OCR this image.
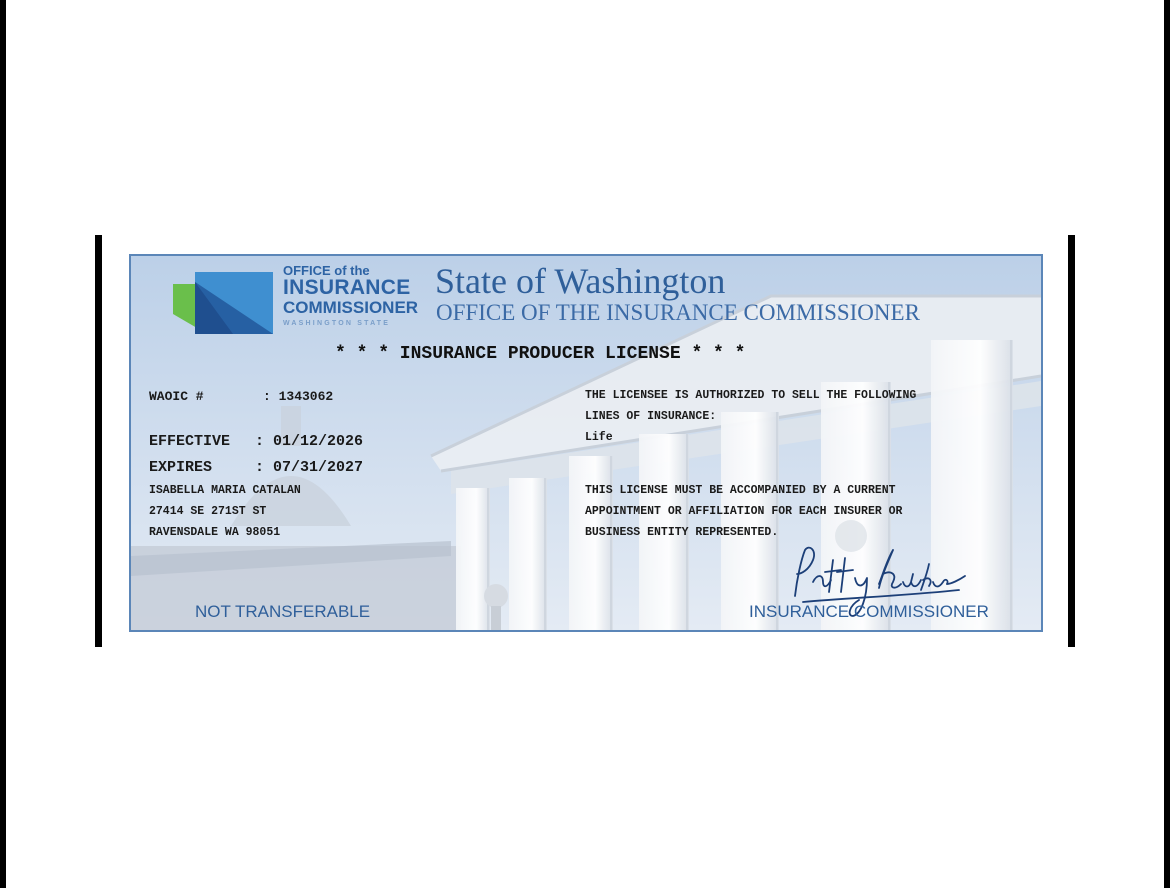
OFFICE of the
INSURANCE
COMMISSIONER
WASHINGTON STATE
State of Washington
OFFICE OF THE INSURANCE COMMISSIONER
* * * INSURANCE PRODUCER LICENSE * * *
WAOIC #	: 1343062
EFFECTIVE : 01/12/2026
EXPIRES	: 07/31/2027
ISABELLA MARIA CATALAN
27414 SE 271ST ST
RAVENSDALE WA 98051
THE LICENSEE IS AUTHORIZED TO SELL THE FOLLOWING
LINES OF INSURANCE:
Life
THIS LICENSE MUST BE ACCOMPANIED BY A CURRENT
APPOINTMENT OR AFFILIATION FOR EACH INSURER OR
BUSINESS ENTITY REPRESENTED.
NOT TRANSFERABLE	INSURANCE COMMISSIONER
